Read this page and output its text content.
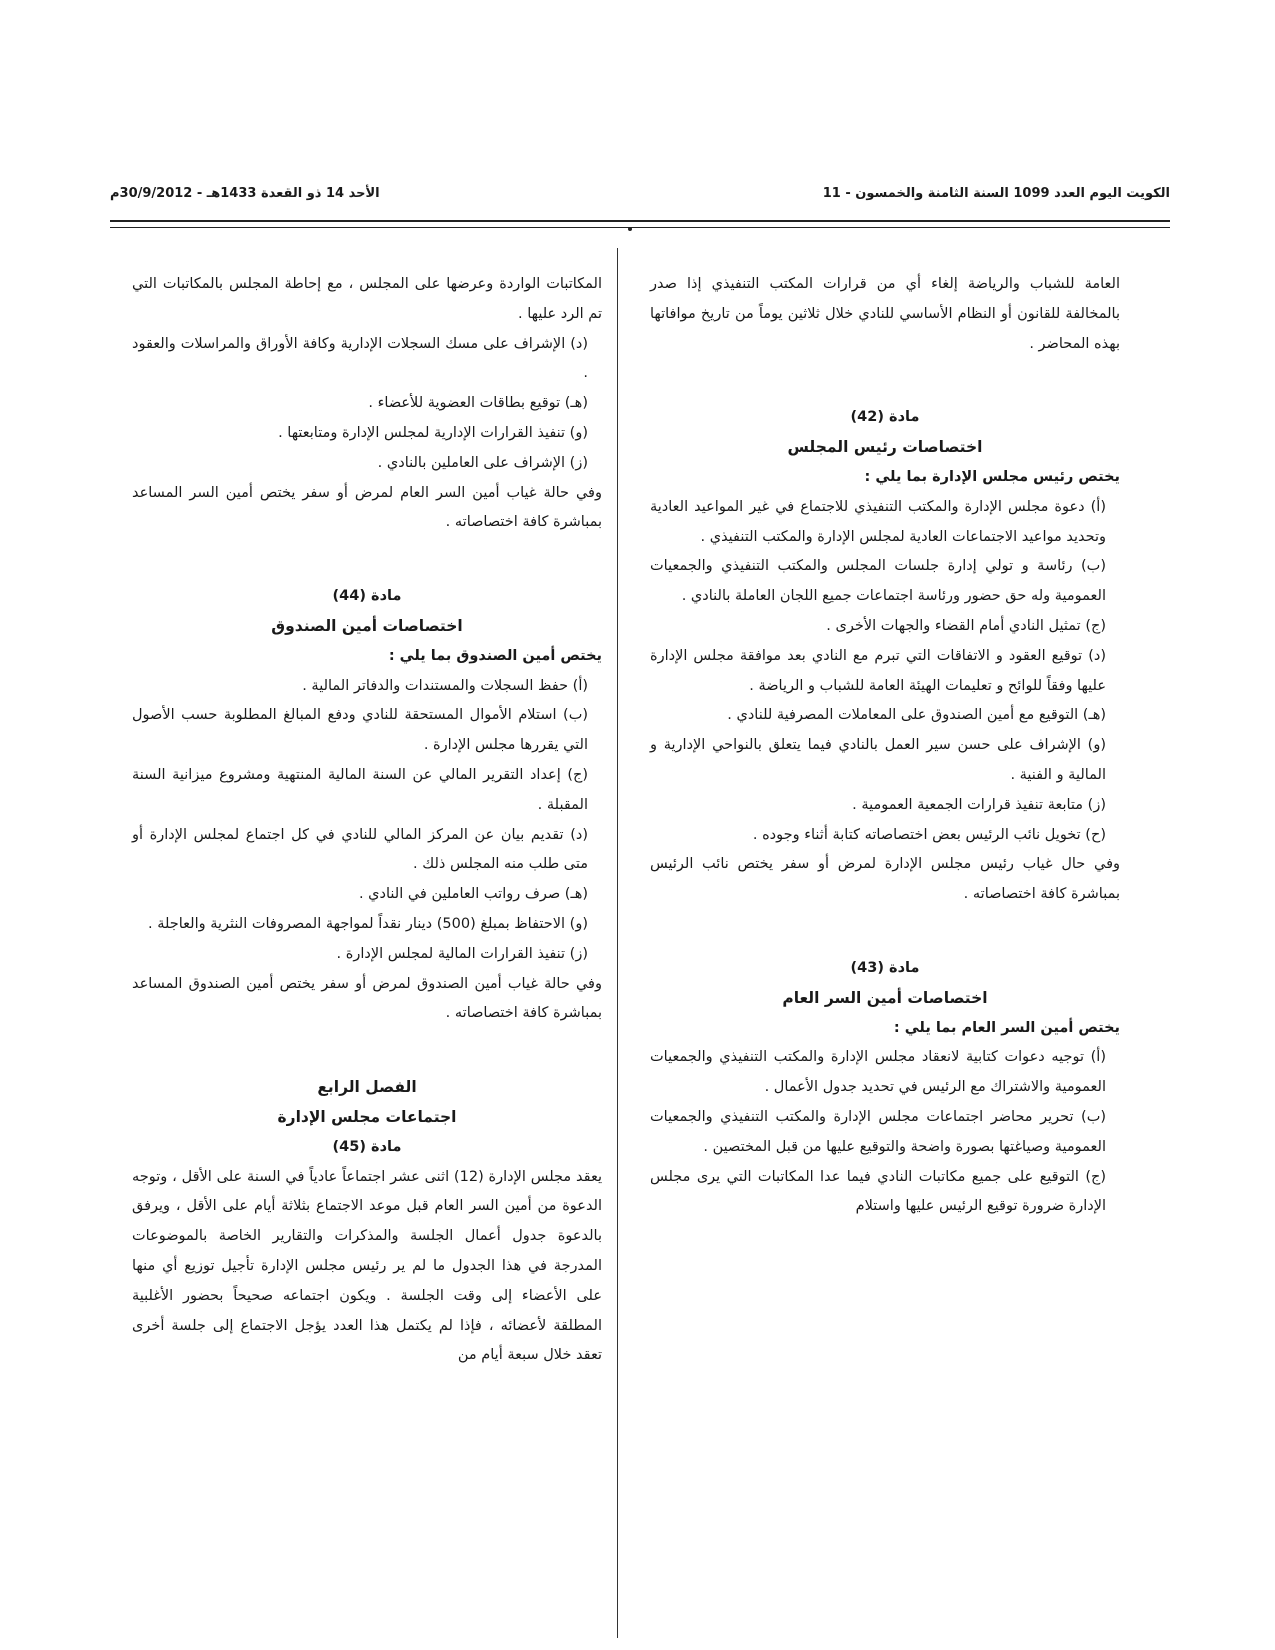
الكويت اليوم العدد 1099 السنة الثامنة والخمسون - 11
الأحد 14 ذو القعدة 1433هـ - 30/9/2012م

العامة للشباب والرياضة إلغاء أي من قرارات المكتب التنفيذي إذا صدر بالمخالفة للقانون أو النظام الأساسي للنادي خلال ثلاثين يوماً من تاريخ موافاتها بهذه المحاضر .

مادة (42)

اختصاصات رئيس المجلس

يختص رئيس مجلس الإدارة بما يلي :

(أ) دعوة مجلس الإدارة والمكتب التنفيذي للاجتماع في غير المواعيد العادية وتحديد مواعيد الاجتماعات العادية لمجلس الإدارة والمكتب التنفيذي .

(ب) رئاسة و تولي إدارة جلسات المجلس والمكتب التنفيذي والجمعيات العمومية وله حق حضور ورئاسة اجتماعات جميع اللجان العاملة بالنادي .

(ج) تمثيل النادي أمام القضاء والجهات الأخرى .

(د) توقيع العقود و الاتفاقات التي تبرم مع النادي بعد موافقة مجلس الإدارة عليها وفقاً للوائح و تعليمات الهيئة العامة للشباب و الرياضة .

(هـ) التوقيع مع أمين الصندوق على المعاملات المصرفية للنادي .

(و) الإشراف على حسن سير العمل بالنادي فيما يتعلق بالنواحي الإدارية و المالية و الفنية .

(ز) متابعة تنفيذ قرارات الجمعية العمومية .

(ح) تخويل نائب الرئيس بعض اختصاصاته كتابة أثناء وجوده .

وفي حال غياب رئيس مجلس الإدارة لمرض أو سفر يختص نائب الرئيس بمباشرة كافة اختصاصاته .

مادة (43)

اختصاصات أمين السر العام

يختص أمين السر العام بما يلي :

(أ) توجيه دعوات كتابية لانعقاد مجلس الإدارة والمكتب التنفيذي والجمعيات العمومية والاشتراك مع الرئيس في تحديد جدول الأعمال .

(ب) تحرير محاضر اجتماعات مجلس الإدارة والمكتب التنفيذي والجمعيات العمومية وصياغتها بصورة واضحة والتوقيع عليها من قبل المختصين .

(ج) التوقيع على جميع مكاتبات النادي فيما عدا المكاتبات التي يرى مجلس الإدارة ضرورة توقيع الرئيس عليها واستلام

المكاتبات الواردة وعرضها على المجلس ، مع إحاطة المجلس بالمكاتبات التي تم الرد عليها .

(د) الإشراف على مسك السجلات الإدارية وكافة الأوراق والمراسلات والعقود .

(هـ) توقيع بطاقات العضوية للأعضاء .

(و) تنفيذ القرارات الإدارية لمجلس الإدارة ومتابعتها .

(ز) الإشراف على العاملين بالنادي .

وفي حالة غياب أمين السر العام لمرض أو سفر يختص أمين السر المساعد بمباشرة كافة اختصاصاته .

مادة (44)

اختصاصات أمين الصندوق

يختص أمين الصندوق بما يلي :

(أ) حفظ السجلات والمستندات والدفاتر المالية .

(ب) استلام الأموال المستحقة للنادي ودفع المبالغ المطلوبة حسب الأصول التي يقررها مجلس الإدارة .

(ج) إعداد التقرير المالي عن السنة المالية المنتهية ومشروع ميزانية السنة المقبلة .

(د) تقديم بيان عن المركز المالي للنادي في كل اجتماع لمجلس الإدارة أو متى طلب منه المجلس ذلك .

(هـ) صرف رواتب العاملين في النادي .

(و) الاحتفاظ بمبلغ (500) دينار نقداً لمواجهة المصروفات النثرية والعاجلة .

(ز) تنفيذ القرارات المالية لمجلس الإدارة .

وفي حالة غياب أمين الصندوق لمرض أو سفر يختص أمين الصندوق المساعد بمباشرة كافة اختصاصاته .

الفصل الرابع

اجتماعات مجلس الإدارة

مادة (45)

يعقد مجلس الإدارة (12) اثنى عشر اجتماعاً عادياً في السنة على الأقل ، وتوجه الدعوة من أمين السر العام قبل موعد الاجتماع بثلاثة أيام على الأقل ، ويرفق بالدعوة جدول أعمال الجلسة والمذكرات والتقارير الخاصة بالموضوعات المدرجة في هذا الجدول ما لم ير رئيس مجلس الإدارة تأجيل توزيع أي منها على الأعضاء إلى وقت الجلسة . ويكون اجتماعه صحيحاً بحضور الأغلبية المطلقة لأعضائه ، فإذا لم يكتمل هذا العدد يؤجل الاجتماع إلى جلسة أخرى تعقد خلال سبعة أيام من
